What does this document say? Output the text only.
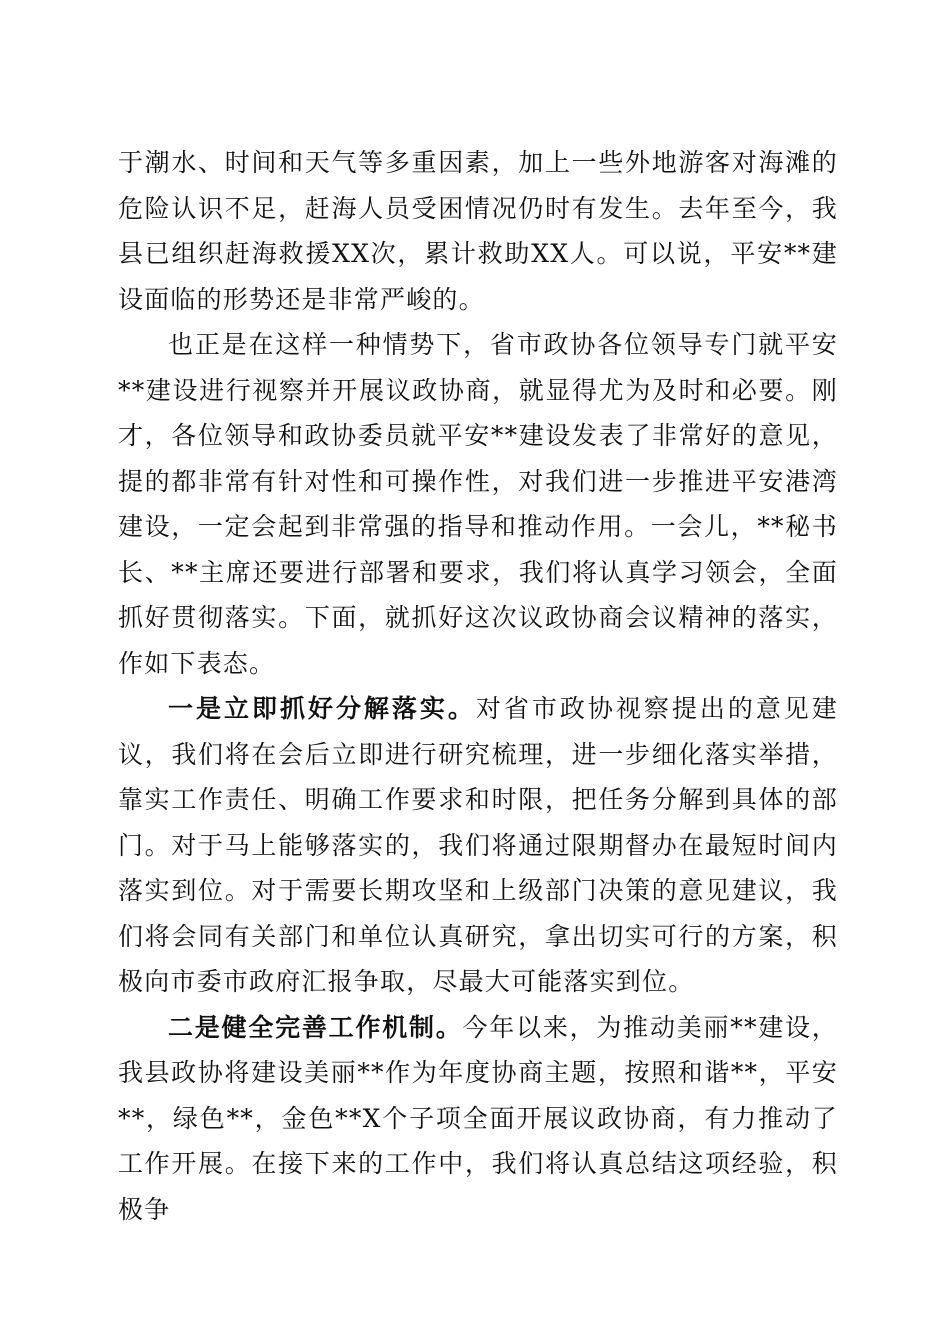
于潮水、时间和天气等多重因素，加上一些外地游客对海滩的危险认识不足，赶海人员受困情况仍时有发生。去年至今，我县已组织赶海救援XX次，累计救助XX人。可以说，平安**建设面临的形势还是非常严峻的。

也正是在这样一种情势下，省市政协各位领导专门就平安**建设进行视察并开展议政协商，就显得尤为及时和必要。刚才，各位领导和政协委员就平安**建设发表了非常好的意见，提的都非常有针对性和可操作性，对我们进一步推进平安港湾建设，一定会起到非常强的指导和推动作用。一会儿，**秘书长、**主席还要进行部署和要求，我们将认真学习领会，全面抓好贯彻落实。下面，就抓好这次议政协商会议精神的落实，作如下表态。

一是立即抓好分解落实。对省市政协视察提出的意见建议，我们将在会后立即进行研究梳理，进一步细化落实举措，靠实工作责任、明确工作要求和时限，把任务分解到具体的部门。对于马上能够落实的，我们将通过限期督办在最短时间内落实到位。对于需要长期攻坚和上级部门决策的意见建议，我们将会同有关部门和单位认真研究，拿出切实可行的方案，积极向市委市政府汇报争取，尽最大可能落实到位。

二是健全完善工作机制。今年以来，为推动美丽**建设，我县政协将建设美丽**作为年度协商主题，按照和谐**，平安**，绿色**，金色**X个子项全面开展议政协商，有力推动了工作开展。在接下来的工作中，我们将认真总结这项经验，积极争
